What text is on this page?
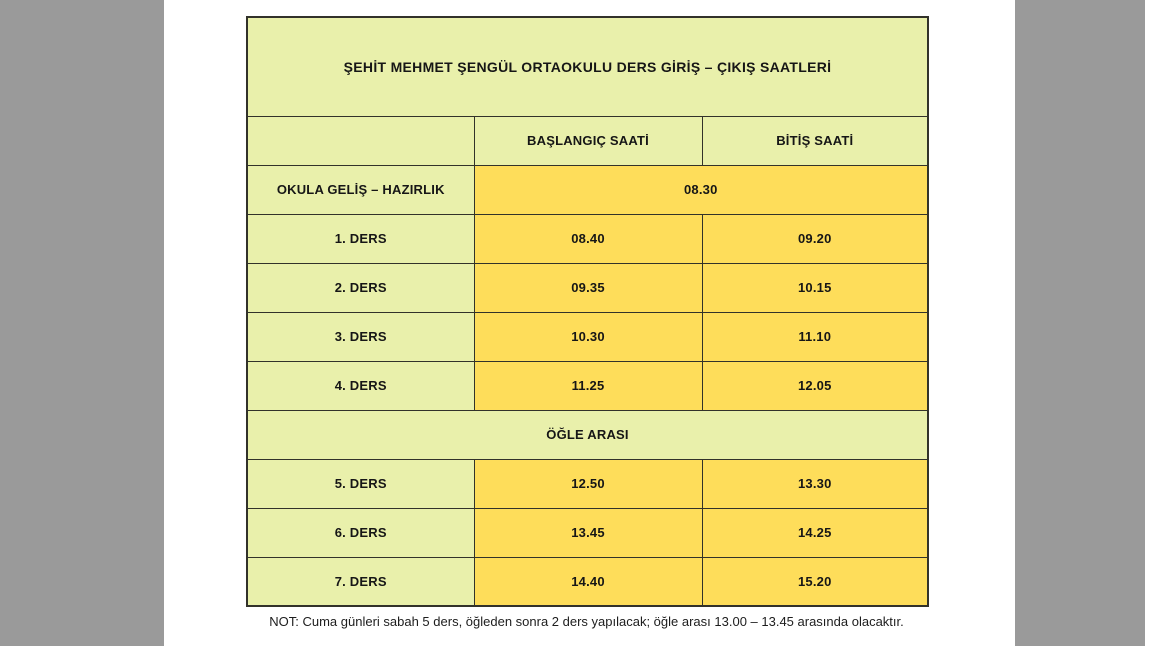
ŞEHİT MEHMET ŞENGÜL ORTAOKULU DERS GİRİŞ – ÇIKIŞ SAATLERİ		
	BAŞLANGIÇ SAATİ	BİTİŞ SAATİ
OKULA GELİŞ – HAZIRLIK	08.30	
1. DERS	08.40	09.20
2. DERS	09.35	10.15
3. DERS	10.30	11.10
4. DERS	11.25	12.05
ÖĞLE ARASI		
5. DERS	12.50	13.30
6. DERS	13.45	14.25
7. DERS	14.40	15.20
NOT: Cuma günleri sabah 5 ders, öğleden sonra 2 ders yapılacak; öğle arası 13.00 – 13.45 arasında olacaktır.
